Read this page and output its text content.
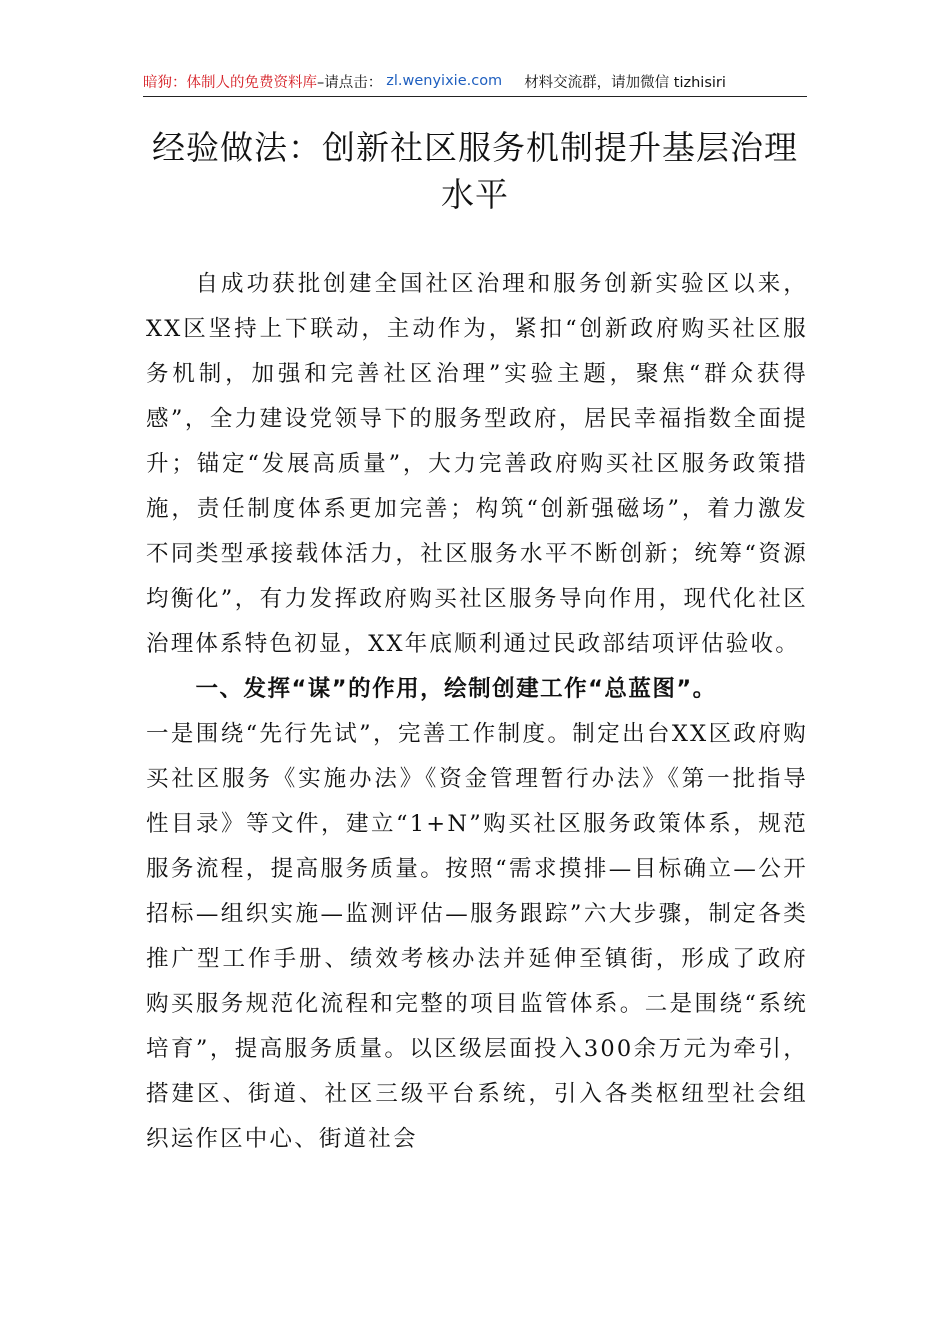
暗狗：体制人的免费资料库 –请点击： zl.wenyixie.com 材料交流群，请加微信 tizhisiri
经验做法：创新社区服务机制提升基层治理水平

自成功获批创建全国社区治理和服务创新实验区以来，XX区坚持上下联动，主动作为，紧扣“创新政府购买社区服务机制，加强和完善社区治理”实验主题，聚焦“群众获得感”，全力建设党领导下的服务型政府，居民幸福指数全面提升；锚定“发展高质量”，大力完善政府购买社区服务政策措施，责任制度体系更加完善；构筑“创新强磁场”，着力激发不同类型承接载体活力，社区服务水平不断创新；统筹“资源均衡化”，有力发挥政府购买社区服务导向作用，现代化社区治理体系特色初显，XX年底顺利通过民政部结项评估验收。

一、发挥“谋”的作用，绘制创建工作“总蓝图”。

一是围绕“先行先试”，完善工作制度。制定出台XX区政府购买社区服务《实施办法》《资金管理暂行办法》《第一批指导性目录》等文件，建立“1+N”购买社区服务政策体系，规范服务流程，提高服务质量。按照“需求摸排—目标确立—公开招标—组织实施—监测评估—服务跟踪”六大步骤，制定各类推广型工作手册、绩效考核办法并延伸至镇街，形成了政府购买服务规范化流程和完整的项目监管体系。二是围绕“系统培育”，提高服务质量。以区级层面投入300余万元为牵引，搭建区、街道、社区三级平台系统，引入各类枢纽型社会组织运作区中心、街道社会
